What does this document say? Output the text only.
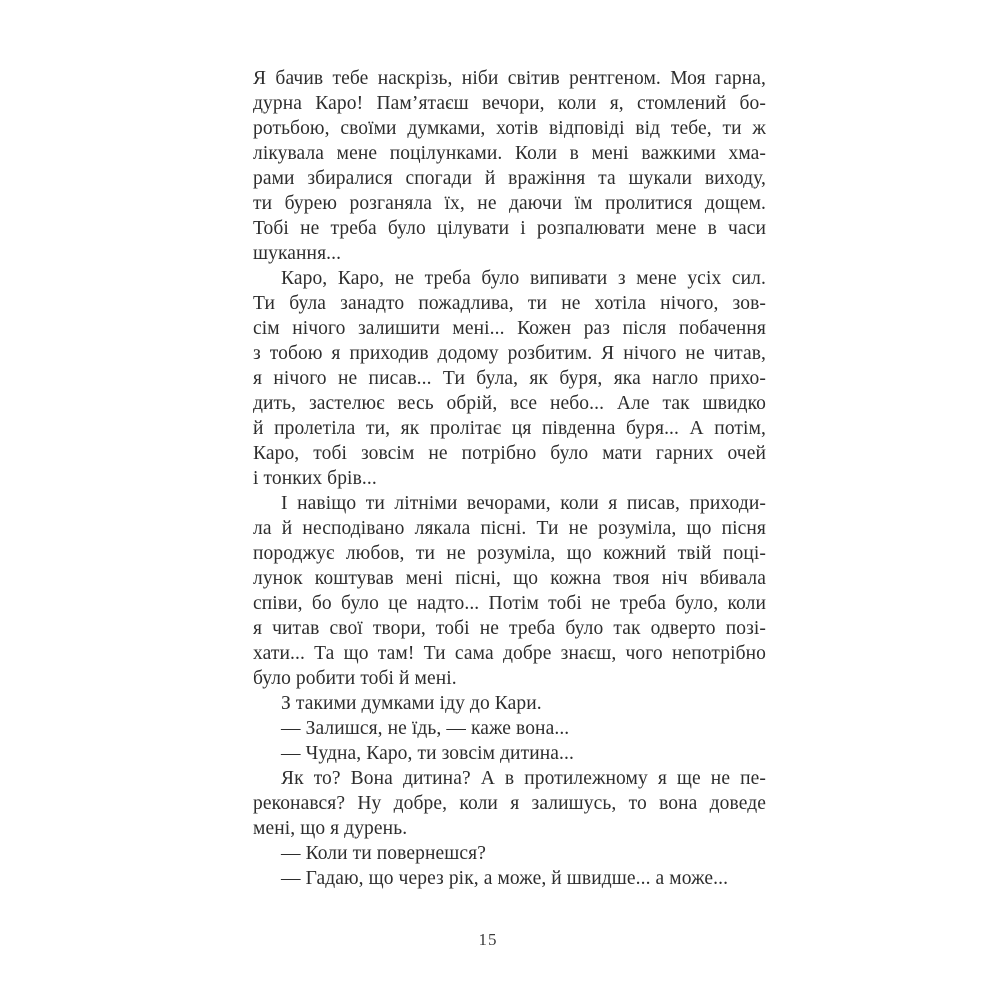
Я бачив тебе наскрізь, ніби світив рентгеном. Моя гарна,
дурна Каро! Пам’ятаєш вечори, коли я, стомлений бо-
ротьбою, своїми думками, хотів відповіді від тебе, ти ж
лікувала мене поцілунками. Коли в мені важкими хма-
рами збиралися спогади й вражіння та шукали виходу,
ти бурею розганяла їх, не даючи їм пролитися дощем.
Тобі не треба було цілувати і розпалювати мене в часи
шукання...
Каро, Каро, не треба було випивати з мене усіх сил.
Ти була занадто пожадлива, ти не хотіла нічого, зов-
сім нічого залишити мені... Кожен раз після побачення
з тобою я приходив додому розбитим. Я нічого не читав,
я нічого не писав... Ти була, як буря, яка нагло прихо-
дить, застелює весь обрій, все небо... Але так швидко
й пролетіла ти, як пролітає ця південна буря... А потім,
Каро, тобі зовсім не потрібно було мати гарних очей
і тонких брів...
І навіщо ти літніми вечорами, коли я писав, приходи-
ла й несподівано лякала пісні. Ти не розуміла, що пісня
породжує любов, ти не розуміла, що кожний твій поці-
лунок коштував мені пісні, що кожна твоя ніч вбивала
співи, бо було це надто... Потім тобі не треба було, коли
я читав свої твори, тобі не треба було так одверто позі-
хати... Та що там! Ти сама добре знаєш, чого непотрібно
було робити тобі й мені.
З такими думками іду до Кари.
— Залишся, не їдь, — каже вона...
— Чудна, Каро, ти зовсім дитина...
Як то? Вона дитина? А в протилежному я ще не пе-
реконався? Ну добре, коли я залишусь, то вона доведе
мені, що я дурень.
— Коли ти повернешся?
— Гадаю, що через рік, а може, й швидше... а може...
15
